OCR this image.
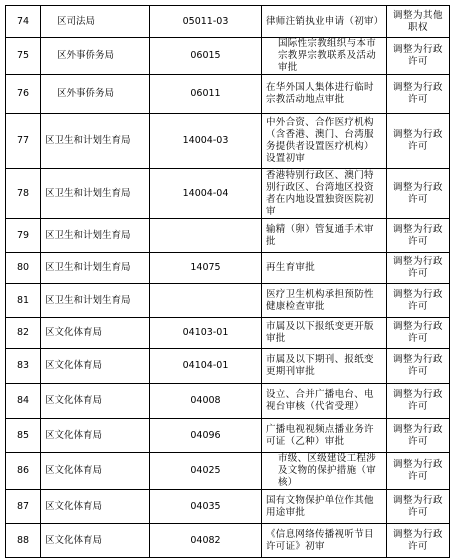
74	区司法局	05011-03	律师注销执业申请（初审）	调整为其他职权
75	区外事侨务局	06015	国际性宗教组织与本市宗教界宗教联系及活动审批	调整为行政许可
76	区外事侨务局	06011	在华外国人集体进行临时宗教活动地点审批	调整为行政许可
77	区卫生和计划生育局	14004-03	中外合资、合作医疗机构（含香港、澳门、台湾服务提供者设置医疗机构）设置初审	调整为行政许可
78	区卫生和计划生育局	14004-04	香港特别行政区、澳门特别行政区、台湾地区投资者在内地设置独资医院初审	调整为行政许可
79	区卫生和计划生育局		输精（卵）管复通手术审批	调整为行政许可
80	区卫生和计划生育局	14075	再生育审批	调整为行政许可
81	区卫生和计划生育局		医疗卫生机构承担预防性健康检查审批	调整为行政许可
82	区文化体育局	04103-01	市属及以下报纸变更开版审批	调整为行政许可
83	区文化体育局	04104-01	市属及以下期刊、报纸变更期刊审批	调整为行政许可
84	区文化体育局	04008	设立、合并广播电台、电视台审核（代省受理）	调整为行政许可
85	区文化体育局	04096	广播电视视频点播业务许可证（乙种）审批	调整为行政许可
86	区文化体育局	04025	市级、区级建设工程涉及文物的保护措施（审核）	调整为行政许可
87	区文化体育局	04035	国有文物保护单位作其他用途审批	调整为行政许可
88	区文化体育局	04082	《信息网络传播视听节目许可证》初审	调整为行政许可
